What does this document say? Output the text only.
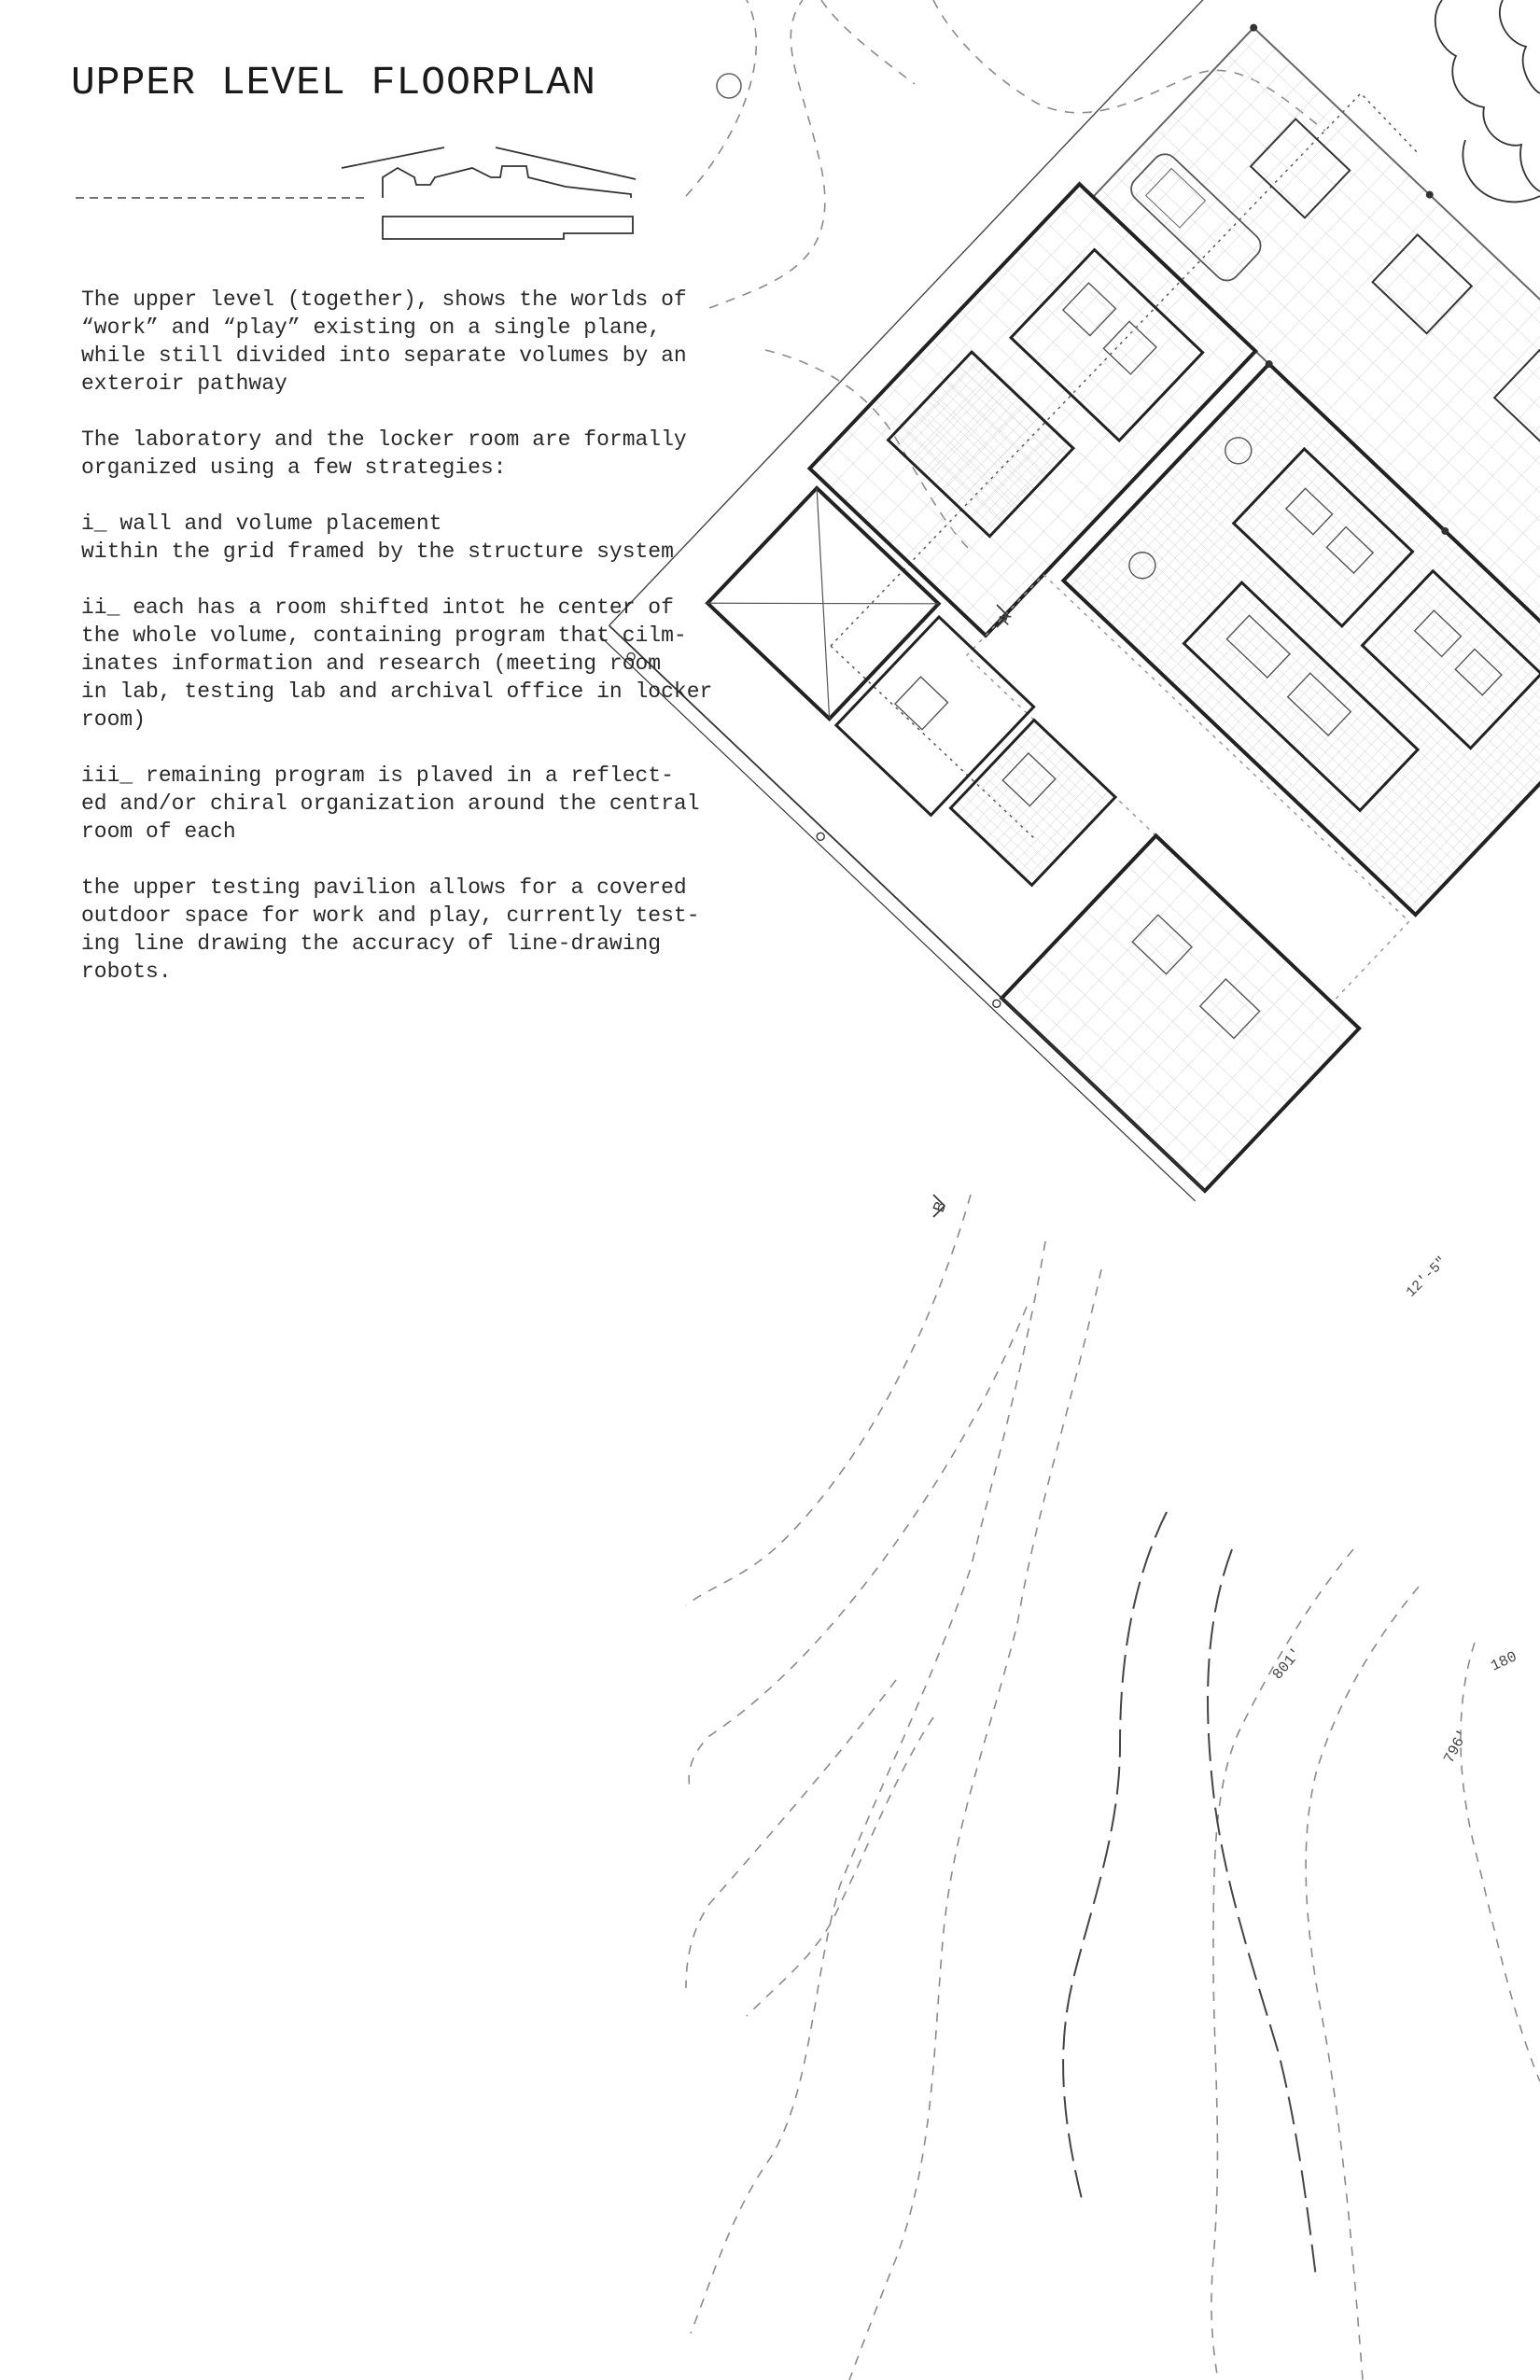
A
B
12'-5"
801'
796'
180
UPPER LEVEL FLOORPLAN

The upper level (together), shows the worlds of
“work” and “play” existing on a single plane,
while still divided into separate volumes by an
exteroir pathway

The laboratory and the locker room are formally
organized using a few strategies:

i_ wall and volume placement
within the grid framed by the structure system

ii_ each has a room shifted intot he center of
the whole volume, containing program that cilm-
inates information and research (meeting room
in lab, testing lab and archival office in locker
room)

iii_ remaining program is plaved in a reflect-
ed and/or chiral organization around the central
room of each

the upper testing pavilion allows for a covered
outdoor space for work and play, currently test-
ing line drawing the accuracy of line-drawing
robots.
